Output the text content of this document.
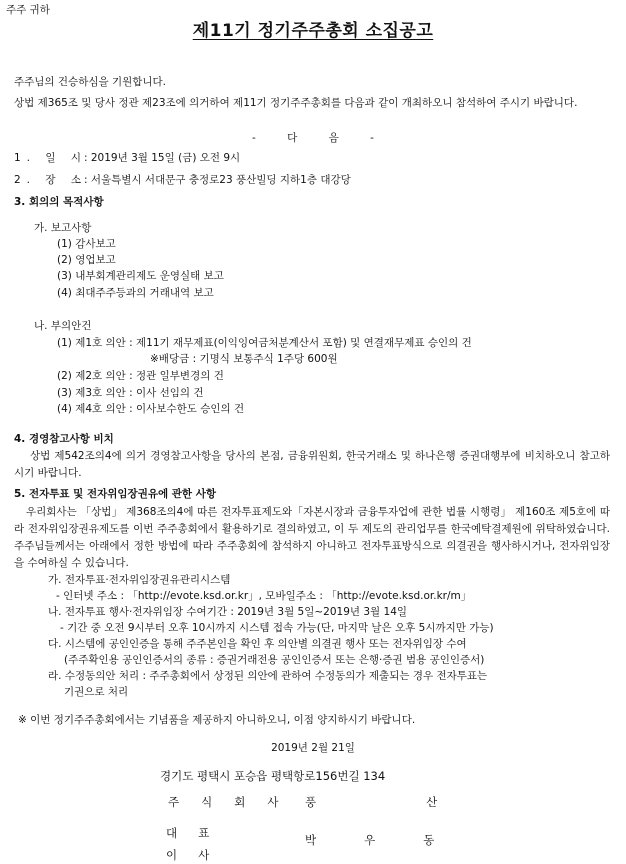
주주 귀하
제11기 정기주주총회 소집공고
주주님의 건승하심을 기원합니다.
상법 제365조 및 당사 정관 제23조에 의거하여 제11기 정기주주총회를 다음과 같이 개최하오니 참석하여 주시기 바랍니다.
- 다 음 -
1. 일 시
: 2019년 3월 15일 (금) 오전 9시
2. 장 소
: 서울특별시 서대문구 충정로23 풍산빌딩 지하1층 대강당
3. 회의의 목적사항
가. 보고사항
(1) 감사보고
(2) 영업보고
(3) 내부회계관리제도 운영실태 보고
(4) 최대주주등과의 거래내역 보고
나. 부의안건
(1) 제1호 의안 : 제11기 재무제표(이익잉여금처분계산서 포함) 및 연결재무제표 승인의 건
※배당금 : 기명식 보통주식 1주당 600원
(2) 제2호 의안 : 정관 일부변경의 건
(3) 제3호 의안 : 이사 선임의 건
(4) 제4호 의안 : 이사보수한도 승인의 건
4. 경영참고사항 비치
상법 제542조의4에 의거 경영참고사항을 당사의 본점, 금융위원회, 한국거래소 및 하나은행 증권대행부에 비치하오니 참고하시기 바랍니다.
5. 전자투표 및 전자위임장권유에 관한 사항
우리회사는 「상법」 제368조의4에 따른 전자투표제도와「자본시장과 금융투자업에 관한 법률 시행령」 제160조 제5호에 따라 전자위임장권유제도를 이번 주주총회에서 활용하기로 결의하였고, 이 두 제도의 관리업무를 한국예탁결제원에 위탁하였습니다. 주주님들께서는 아래에서 정한 방법에 따라 주주총회에 참석하지 아니하고 전자투표방식으로 의결권을 행사하시거나, 전자위임장을 수여하실 수 있습니다.
가. 전자투표·전자위임장권유관리시스템
- 인터넷 주소 : 「http://evote.ksd.or.kr」, 모바일주소 : 「http://evote.ksd.or.kr/m」
나. 전자투표 행사·전자위임장 수여기간 : 2019년 3월 5일~2019년 3월 14일
- 기간 중 오전 9시부터 오후 10시까지 시스템 접속 가능(단, 마지막 날은 오후 5시까지만 가능)
다. 시스템에 공인인증을 통해 주주본인을 확인 후 의안별 의결권 행사 또는 전자위임장 수여
(주주확인용 공인인증서의 종류 : 증권거래전용 공인인증서 또는 은행·증권 범용 공인인증서)
라. 수정동의안 처리 : 주주총회에서 상정된 의안에 관하여 수정동의가 제출되는 경우 전자투표는
기권으로 처리
※ 이번 정기주주총회에서는 기념품을 제공하지 아니하오니, 이점 양지하시기 바랍니다.
2019년 2월 21일
경기도 평택시 포승읍 평택항로156번길 134
주식회사 풍산
대표이사
박우동
